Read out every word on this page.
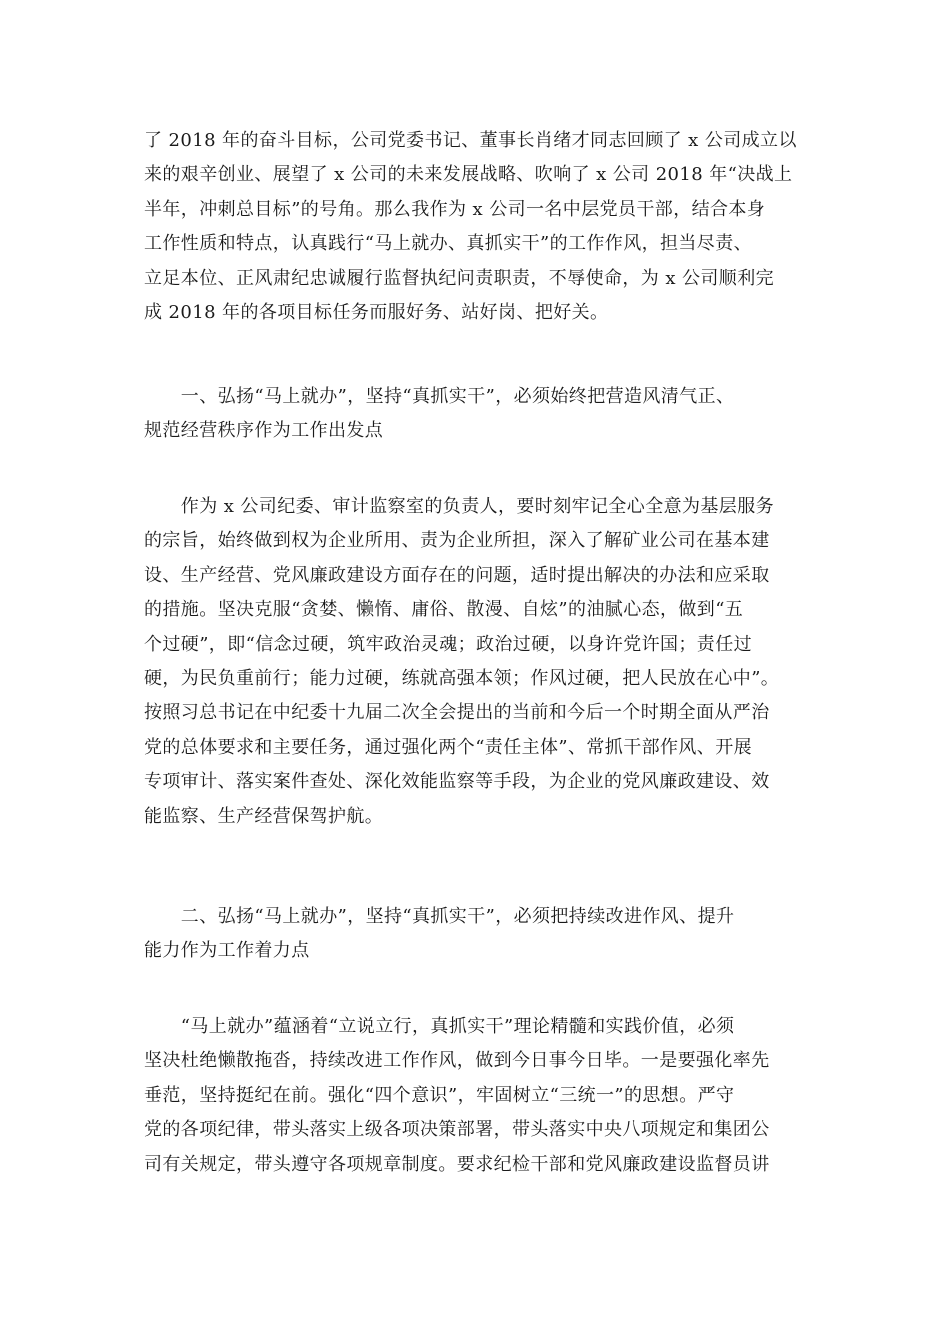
了 2018 年的奋斗目标，公司党委书记、董事长肖绪才同志回顾了 x 公司成立以
来的艰辛创业、展望了 x 公司的未来发展战略、吹响了 x 公司 2018 年“决战上
半年，冲刺总目标”的号角。那么我作为 x 公司一名中层党员干部，结合本身
工作性质和特点，认真践行“马上就办、真抓实干”的工作作风，担当尽责、
立足本位、正风肃纪忠诚履行监督执纪问责职责，不辱使命，为 x 公司顺利完
成 2018 年的各项目标任务而服好务、站好岗、把好关。

　　一、弘扬“马上就办”，坚持“真抓实干”，必须始终把营造风清气正、
规范经营秩序作为工作出发点

　　作为 x 公司纪委、审计监察室的负责人，要时刻牢记全心全意为基层服务
的宗旨，始终做到权为企业所用、责为企业所担，深入了解矿业公司在基本建
设、生产经营、党风廉政建设方面存在的问题，适时提出解决的办法和应采取
的措施。坚决克服“贪婪、懒惰、庸俗、散漫、自炫”的油腻心态，做到“五
个过硬”，即“信念过硬，筑牢政治灵魂；政治过硬，以身许党许国；责任过
硬，为民负重前行；能力过硬，练就高强本领；作风过硬，把人民放在心中”。
按照习总书记在中纪委十九届二次全会提出的当前和今后一个时期全面从严治
党的总体要求和主要任务，通过强化两个“责任主体”、常抓干部作风、开展
专项审计、落实案件查处、深化效能监察等手段，为企业的党风廉政建设、效
能监察、生产经营保驾护航。

　　二、弘扬“马上就办”，坚持“真抓实干”，必须把持续改进作风、提升
能力作为工作着力点

　　“马上就办”蕴涵着“立说立行，真抓实干”理论精髓和实践价值，必须
坚决杜绝懒散拖沓，持续改进工作作风，做到今日事今日毕。一是要强化率先
垂范，坚持挺纪在前。强化“四个意识”，牢固树立“三统一”的思想。严守
党的各项纪律，带头落实上级各项决策部署，带头落实中央八项规定和集团公
司有关规定，带头遵守各项规章制度。要求纪检干部和党风廉政建设监督员讲
